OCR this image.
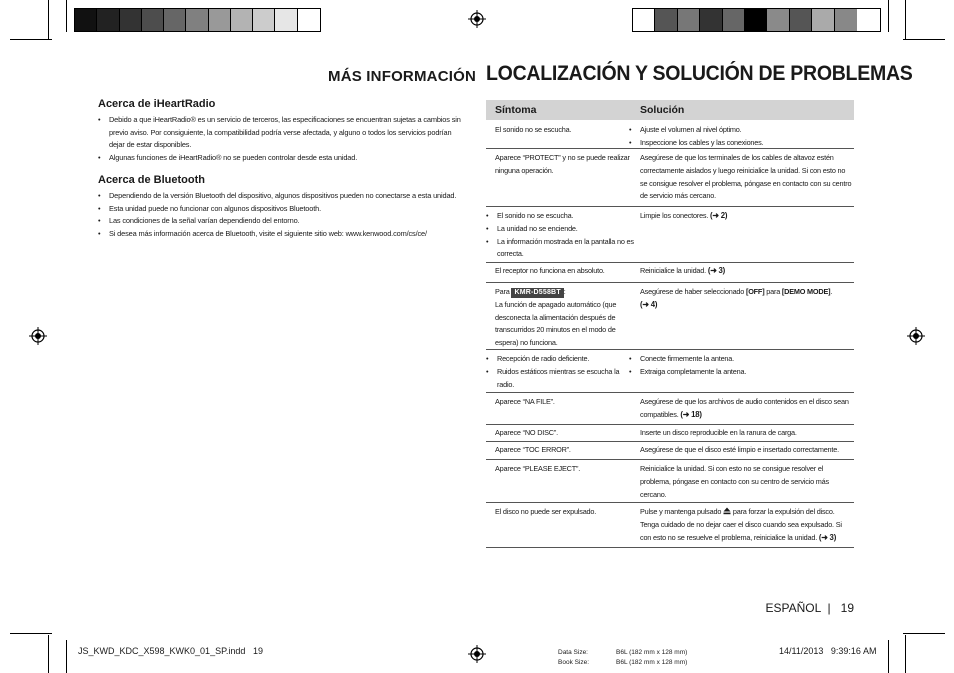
MÁS INFORMACIÓN LOCALIZACIÓN Y SOLUCIÓN DE PROBLEMAS
Acerca de iHeartRadio
• Debido a que iHeartRadio® es un servicio de terceros, las especificaciones se encuentran sujetas a cambios sin previo aviso. Por consiguiente, la compatibilidad podría verse afectada, y alguno o todos los servicios podrían dejar de estar disponibles.
• Algunas funciones de iHeartRadio® no se pueden controlar desde esta unidad.
Acerca de Bluetooth
• Dependiendo de la versión Bluetooth del dispositivo, algunos dispositivos pueden no conectarse a esta unidad.
• Esta unidad puede no funcionar con algunos dispositivos Bluetooth.
• Las condiciones de la señal varían dependiendo del entorno.
• Si desea más información acerca de Bluetooth, visite el siguiente sitio web: www.kenwood.com/cs/ce/
Síntoma	Solución
El sonido no se escucha.
•	Ajuste el volumen al nivel óptimo.
• Inspeccione los cables y las conexiones.
Aparece “PROTECT” y no se puede realizar ninguna operación.
Asegúrese de que los terminales de los cables de altavoz estén correctamente aislados y luego reinicialice la unidad. Si con esto no se consigue resolver el problema, póngase en contacto con su centro de servicio más cercano.
• El sonido no se escucha.
• La unidad no se enciende.
• La información mostrada en la pantalla no es correcta.
Limpie los conectores. (➜ 2)
El receptor no funciona en absoluto.	Reinicialice la unidad. (➜ 3)
Para KMR-D558BT :
La función de apagado automático (que desconecta la alimentación después de transcurridos 20 minutos en el modo de espera) no funciona.
Asegúrese de haber seleccionado [OFF] para [DEMO MODE].
(➜ 4)
• Recepción de radio deficiente.
• Ruidos estáticos mientras se escucha la radio.
• Conecte firmemente la antena.
• Extraiga completamente la antena.
Aparece “NA FILE”.	Asegúrese de que los archivos de audio contenidos en el disco sean compatibles. (➜ 18)
Aparece “NO DISC”.	Inserte un disco reproducible en la ranura de carga.
Aparece “TOC ERROR”.	Asegúrese de que el disco esté limpio e insertado correctamente.
Aparece “PLEASE EJECT”.	Reinicialice la unidad. Si con esto no se consigue resolver el problema, póngase en contacto con su centro de servicio más cercano.
El disco no puede ser expulsado.	Pulse y mantenga pulsado para forzar la expulsión del disco. Tenga cuidado de no dejar caer el disco cuando sea expulsado. Si con esto no se resuelve el problema, reinicialice la unidad. (➜ 3)
ESPAÑOL | 19
JS_KWD_KDC_X598_KWK0_01_SP.indd 19	Data Size:
Book Size:
B6L (182 mm x 128 mm)
B6L (182 mm x 128 mm)
14/11/2013 9:39:16 AM
